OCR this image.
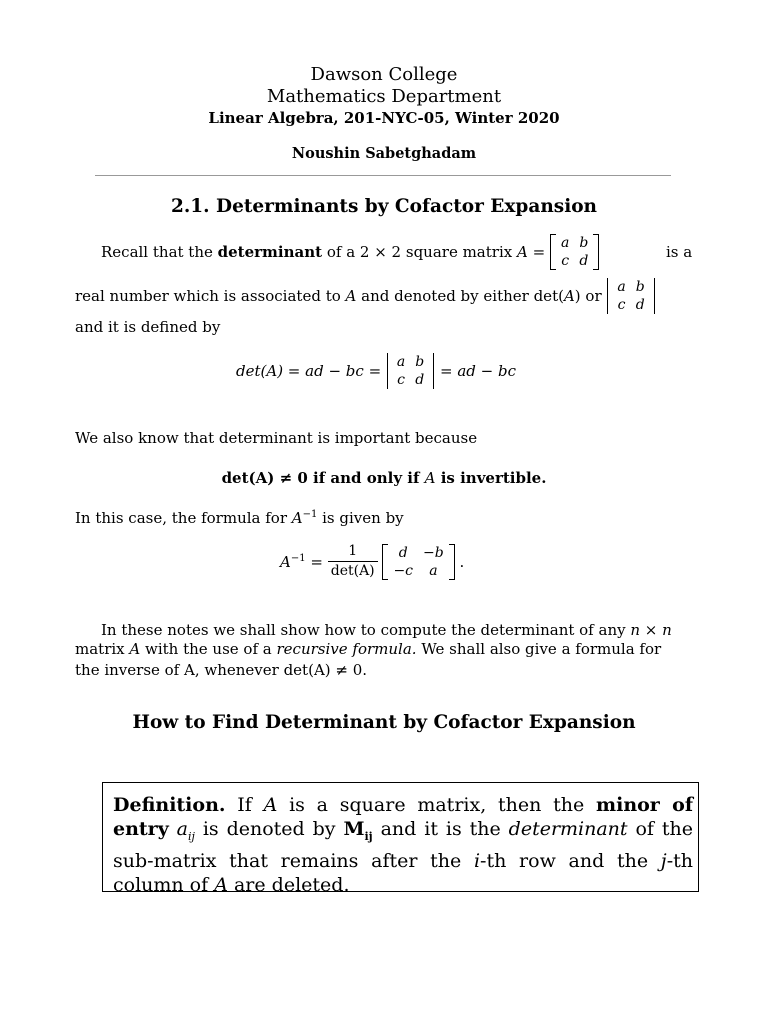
Dawson College
Mathematics Department
Linear Algebra, 201-NYC-05, Winter 2020
Noushin Sabetghadam
2.1. Determinants by Cofactor Expansion
Recall that the determinant of a 2 × 2 square matrix A = a	b
c	d	is a
real number which is associated to A and denoted by either det(A) or a	b
c	d
and it is defined by
det(A) = ad − bc = a	b
c	d = ad − bc
We also know that determinant is important because
det(A) ≠ 0 if and only if A is invertible.
In this case, the formula for $A^{-1}$ is given by
$A^{-1} = \frac{1}{\det(A)}$
d	−b
−c	a .
In these notes we shall show how to compute the determinant of any n × n
matrix A with the use of a recursive formula. We shall also give a formula for
the inverse of A, whenever det(A) ≠ 0.
How to Find Determinant by Cofactor Expansion
Definition. If A is a square matrix, then the minor of entry $a_{ij}$ is denoted by $M_{ij}$ and it is the determinant of the sub-matrix that remains after the i-th row and the j-th column of A are deleted.
